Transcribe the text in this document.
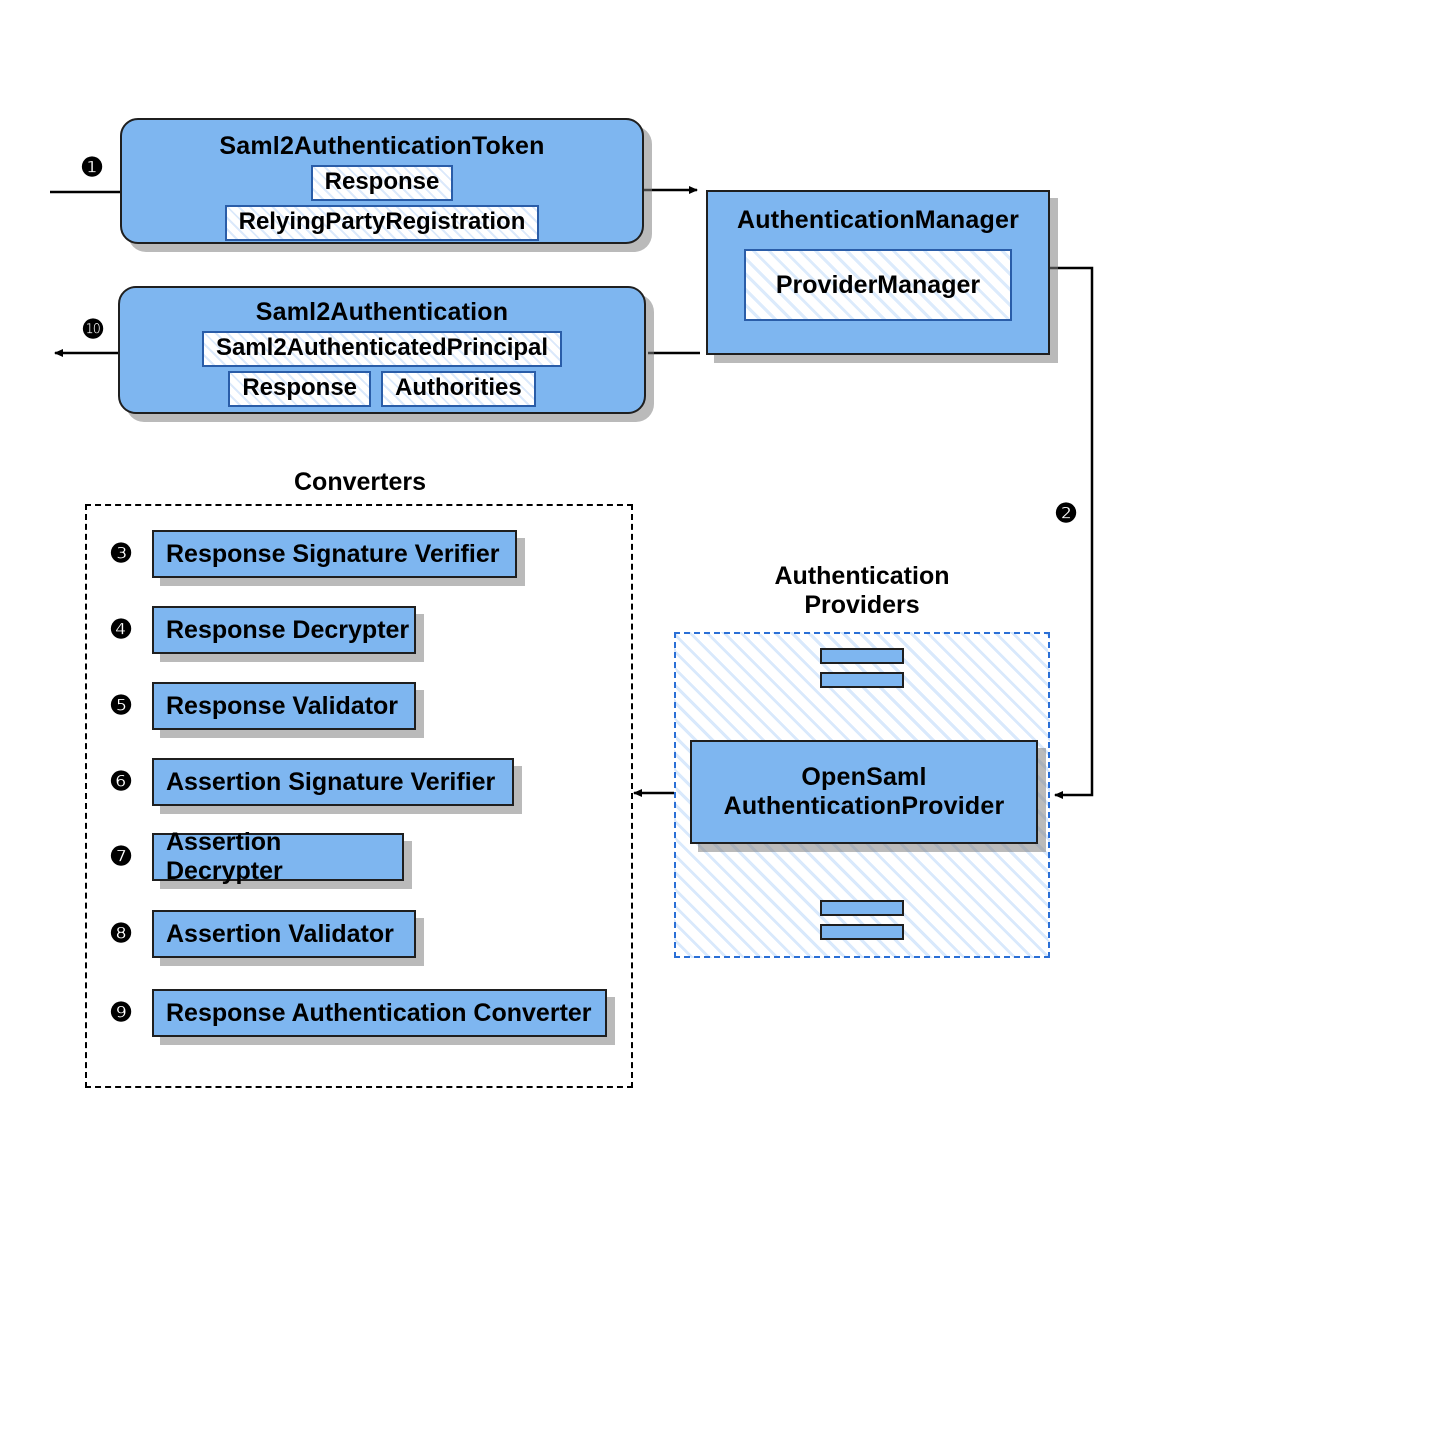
❶
❿
❷
Saml2AuthenticationToken
Response
RelyingPartyRegistration	AuthenticationManager
ProviderManager
Saml2Authentication
Saml2AuthenticatedPrincipal
Response	Authorities
Converters
❸ Response Signature Verifier
❹ Response Decrypter
❺ Response Validator
❻ Assertion Signature Verifier
❼ Assertion Decrypter
❽ Assertion Validator
❾ Response Authentication Converter
Authentication
Providers
OpenSaml
AuthenticationProvider
